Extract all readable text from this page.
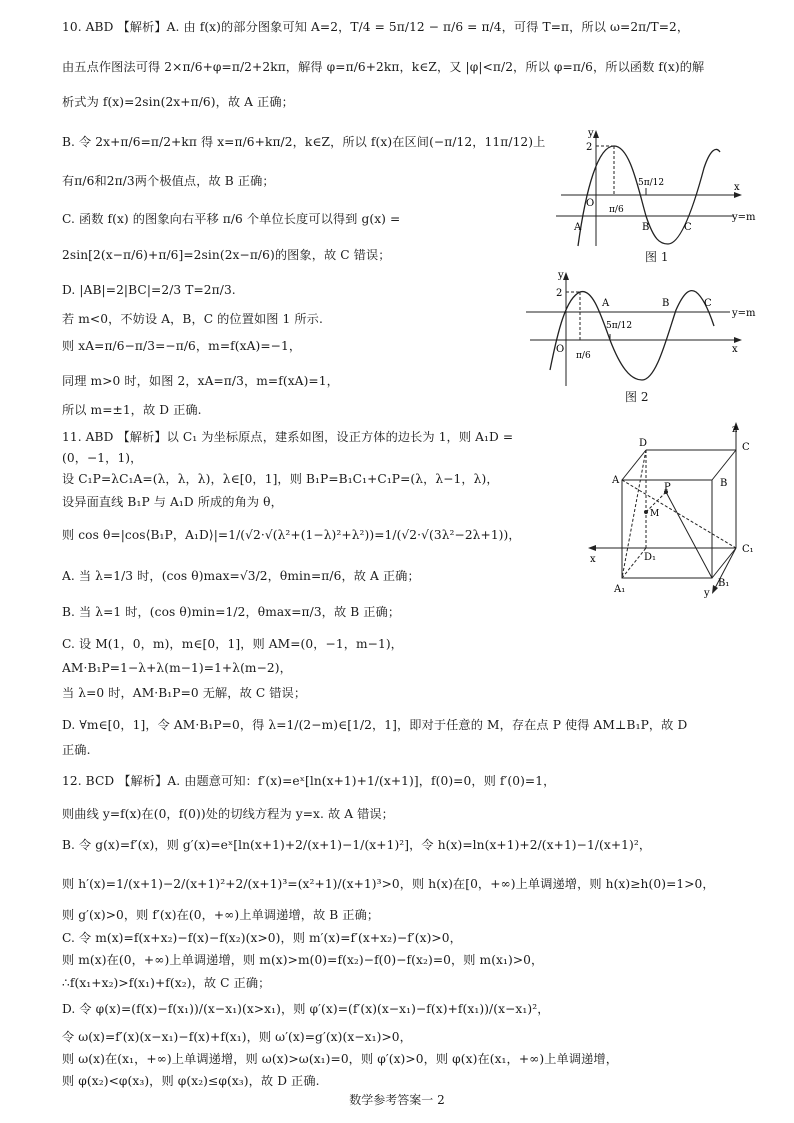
10. ABD 【解析】A. 由 f(x)的部分图象可知 A=2，T/4 = 5π/12 − π/6 = π/4，可得 T=π，所以 ω=2π/T=2，
由五点作图法可得 2×π/6+φ=π/2+2kπ，解得 φ=π/6+2kπ，k∈Z，又 |φ|<π/2，所以 φ=π/6，所以函数 f(x)的解
析式为 f(x)=2sin(2x+π/6)，故 A 正确；
B. 令 2x+π/6=π/2+kπ 得 x=π/6+kπ/2，k∈Z，所以 f(x)在区间(−π/12，11π/12)上
有π/6和2π/3两个极值点，故 B 正确；
C. 函数 f(x) 的图象向右平移 π/6 个单位长度可以得到 g(x) =
2sin[2(x−π/6)+π/6]=2sin(2x−π/6)的图象，故 C 错误；
D. |AB|=2|BC|=2/3 T=2π/3.
若 m<0，不妨设 A，B，C 的位置如图 1 所示.
则 xA=π/6−π/3=−π/6，m=f(xA)=−1，
同理 m>0 时，如图 2，xA=π/3，m=f(xA)=1，
所以 m=±1，故 D 正确.
11. ABD 【解析】以 C₁ 为坐标原点，建系如图，设正方体的边长为 1，则 A₁D =
(0，−1，1)，
设 C₁P=λC₁A=(λ，λ，λ)，λ∈[0，1]，则 B₁P=B₁C₁+C₁P=(λ，λ−1，λ)，
设异面直线 B₁P 与 A₁D 所成的角为 θ，
则 cos θ=|cos⟨B₁P，A₁D⟩|=1/(√2·√(λ²+(1−λ)²+λ²))=1/(√2·√(3λ²−2λ+1))，
A. 当 λ=1/3 时，(cos θ)max=√3/2，θmin=π/6，故 A 正确；
B. 当 λ=1 时，(cos θ)min=1/2，θmax=π/3，故 B 正确；
C. 设 M(1，0，m)，m∈[0，1]，则 AM=(0，−1，m−1)，
AM·B₁P=1−λ+λ(m−1)=1+λ(m−2)，
当 λ=0 时，AM·B₁P=0 无解，故 C 错误；
D. ∀m∈[0，1]，令 AM·B₁P=0，得 λ=1/(2−m)∈[1/2，1]，即对于任意的 M，存在点 P 使得 AM⊥B₁P，故 D
正确.
12. BCD 【解析】A. 由题意可知：f′(x)=eˣ[ln(x+1)+1/(x+1)]，f(0)=0，则 f′(0)=1，
则曲线 y=f(x)在(0，f(0))处的切线方程为 y=x. 故 A 错误；
B. 令 g(x)=f′(x)，则 g′(x)=eˣ[ln(x+1)+2/(x+1)−1/(x+1)²]，令 h(x)=ln(x+1)+2/(x+1)−1/(x+1)²，
则 h′(x)=1/(x+1)−2/(x+1)²+2/(x+1)³=(x²+1)/(x+1)³>0，则 h(x)在[0，+∞)上单调递增，则 h(x)≥h(0)=1>0，
则 g′(x)>0，则 f′(x)在(0，+∞)上单调递增，故 B 正确；
C. 令 m(x)=f(x+x₂)−f(x)−f(x₂)(x>0)，则 m′(x)=f′(x+x₂)−f′(x)>0，
则 m(x)在(0，+∞)上单调递增，则 m(x)>m(0)=f(x₂)−f(0)−f(x₂)=0，则 m(x₁)>0，
∴f(x₁+x₂)>f(x₁)+f(x₂)，故 C 正确；
D. 令 φ(x)=(f(x)−f(x₁))/(x−x₁)(x>x₁)，则 φ′(x)=(f′(x)(x−x₁)−f(x)+f(x₁))/(x−x₁)²，
令 ω(x)=f′(x)(x−x₁)−f(x)+f(x₁)，则 ω′(x)=g′(x)(x−x₁)>0，
则 ω(x)在(x₁，+∞)上单调递增，则 ω(x)>ω(x₁)=0，则 φ′(x)>0，则 φ(x)在(x₁，+∞)上单调递增，
则 φ(x₂)<φ(x₃)，则 φ(x₂)≤φ(x₃)，故 D 正确.
y
x
2
O
π/6
5π/12
A	B	C
y=m
图 1
y
x
2
O
π/6
5π/12
A	B	C
y=m
图 2
D	C
A	B
P
M
D₁
C₁
A₁
B₁
z
x
y
数学参考答案一 2
